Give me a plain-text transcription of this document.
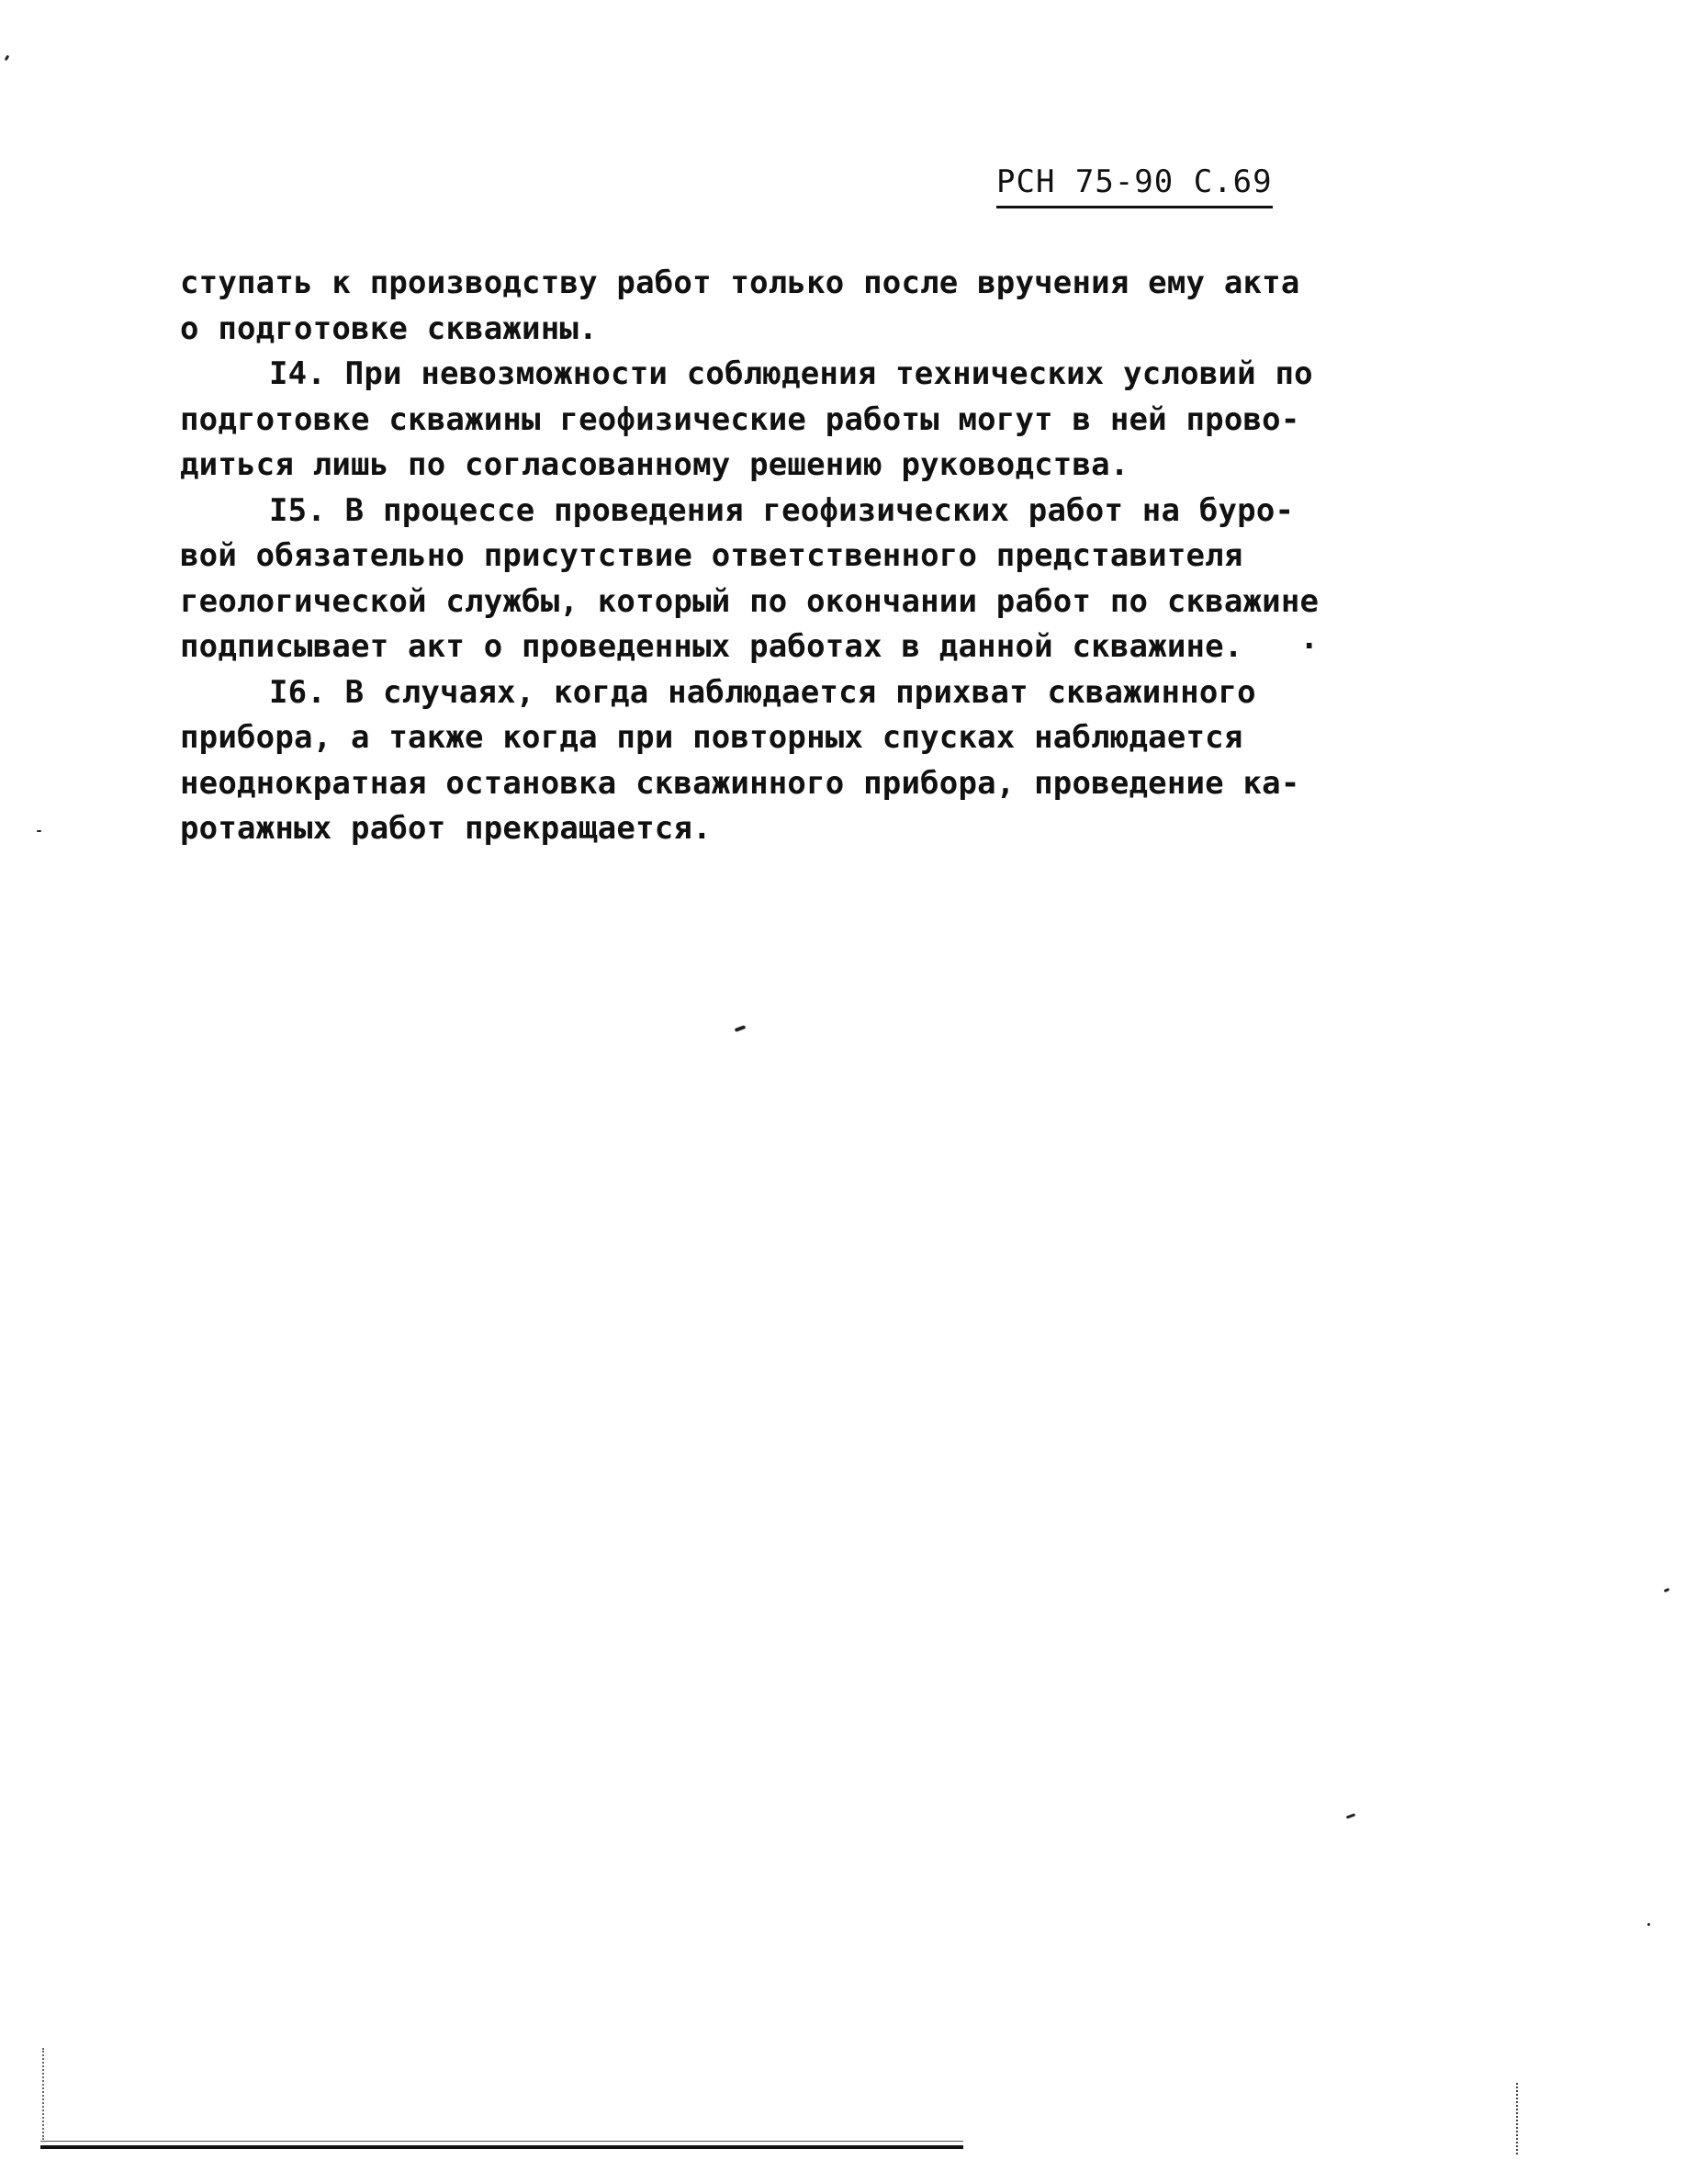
РСН 75-90 С.69
ступать к производству работ только после вручения ему акта
о подготовке скважины.
I4. При невозможности соблюдения технических условий по
подготовке скважины геофизические работы могут в ней прово-
диться лишь по согласованному решению руководства.
I5. В процессе проведения геофизических работ на буро-
вой обязательно присутствие ответственного представителя
геологической службы, который по окончании работ по скважине
подписывает акт о проведенных работах в данной скважине.   ·
I6. В случаях, когда наблюдается прихват скважинного
прибора, а также когда при повторных спусках наблюдается
неоднократная остановка скважинного прибора, проведение ка-
ротажных работ прекращается.
